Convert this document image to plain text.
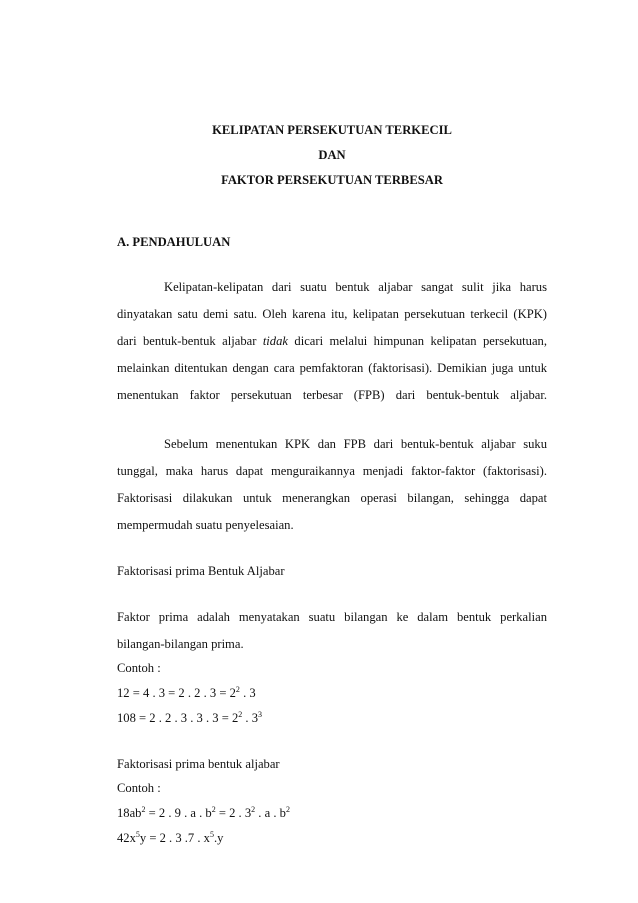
KELIPATAN PERSEKUTUAN TERKECIL
DAN
FAKTOR PERSEKUTUAN TERBESAR
A. PENDAHULUAN
Kelipatan-kelipatan dari suatu bentuk aljabar sangat sulit jika harus
dinyatakan satu demi satu. Oleh karena itu, kelipatan persekutuan terkecil (KPK)
dari bentuk-bentuk aljabar tidak dicari melalui himpunan kelipatan persekutuan,
melainkan ditentukan dengan cara pemfaktoran (faktorisasi). Demikian juga untuk
menentukan faktor persekutuan terbesar (FPB) dari bentuk-bentuk aljabar.
Sebelum menentukan KPK dan FPB dari bentuk-bentuk aljabar suku
tunggal, maka harus dapat menguraikannya menjadi faktor-faktor (faktorisasi).
Faktorisasi dilakukan untuk menerangkan operasi bilangan, sehingga dapat
mempermudah suatu penyelesaian.
Faktorisasi prima Bentuk Aljabar
Faktor prima adalah menyatakan suatu bilangan ke dalam bentuk perkalian
bilangan-bilangan prima.
Contoh :
12 = 4 . 3 = 2 . 2 . $3 = 2^2$ . 3
108 = 2 . 2 . 3 . 3 . $3 = 2^2$ . $3^3$
Faktorisasi prima bentuk aljabar
Contoh :
$18ab^2 = 2$ . 9 . a . $b^2 = 2$ . $3^2$ . a . $b^2$
$42x^5y = 2$ . 3 .7 . $x^5.y$
